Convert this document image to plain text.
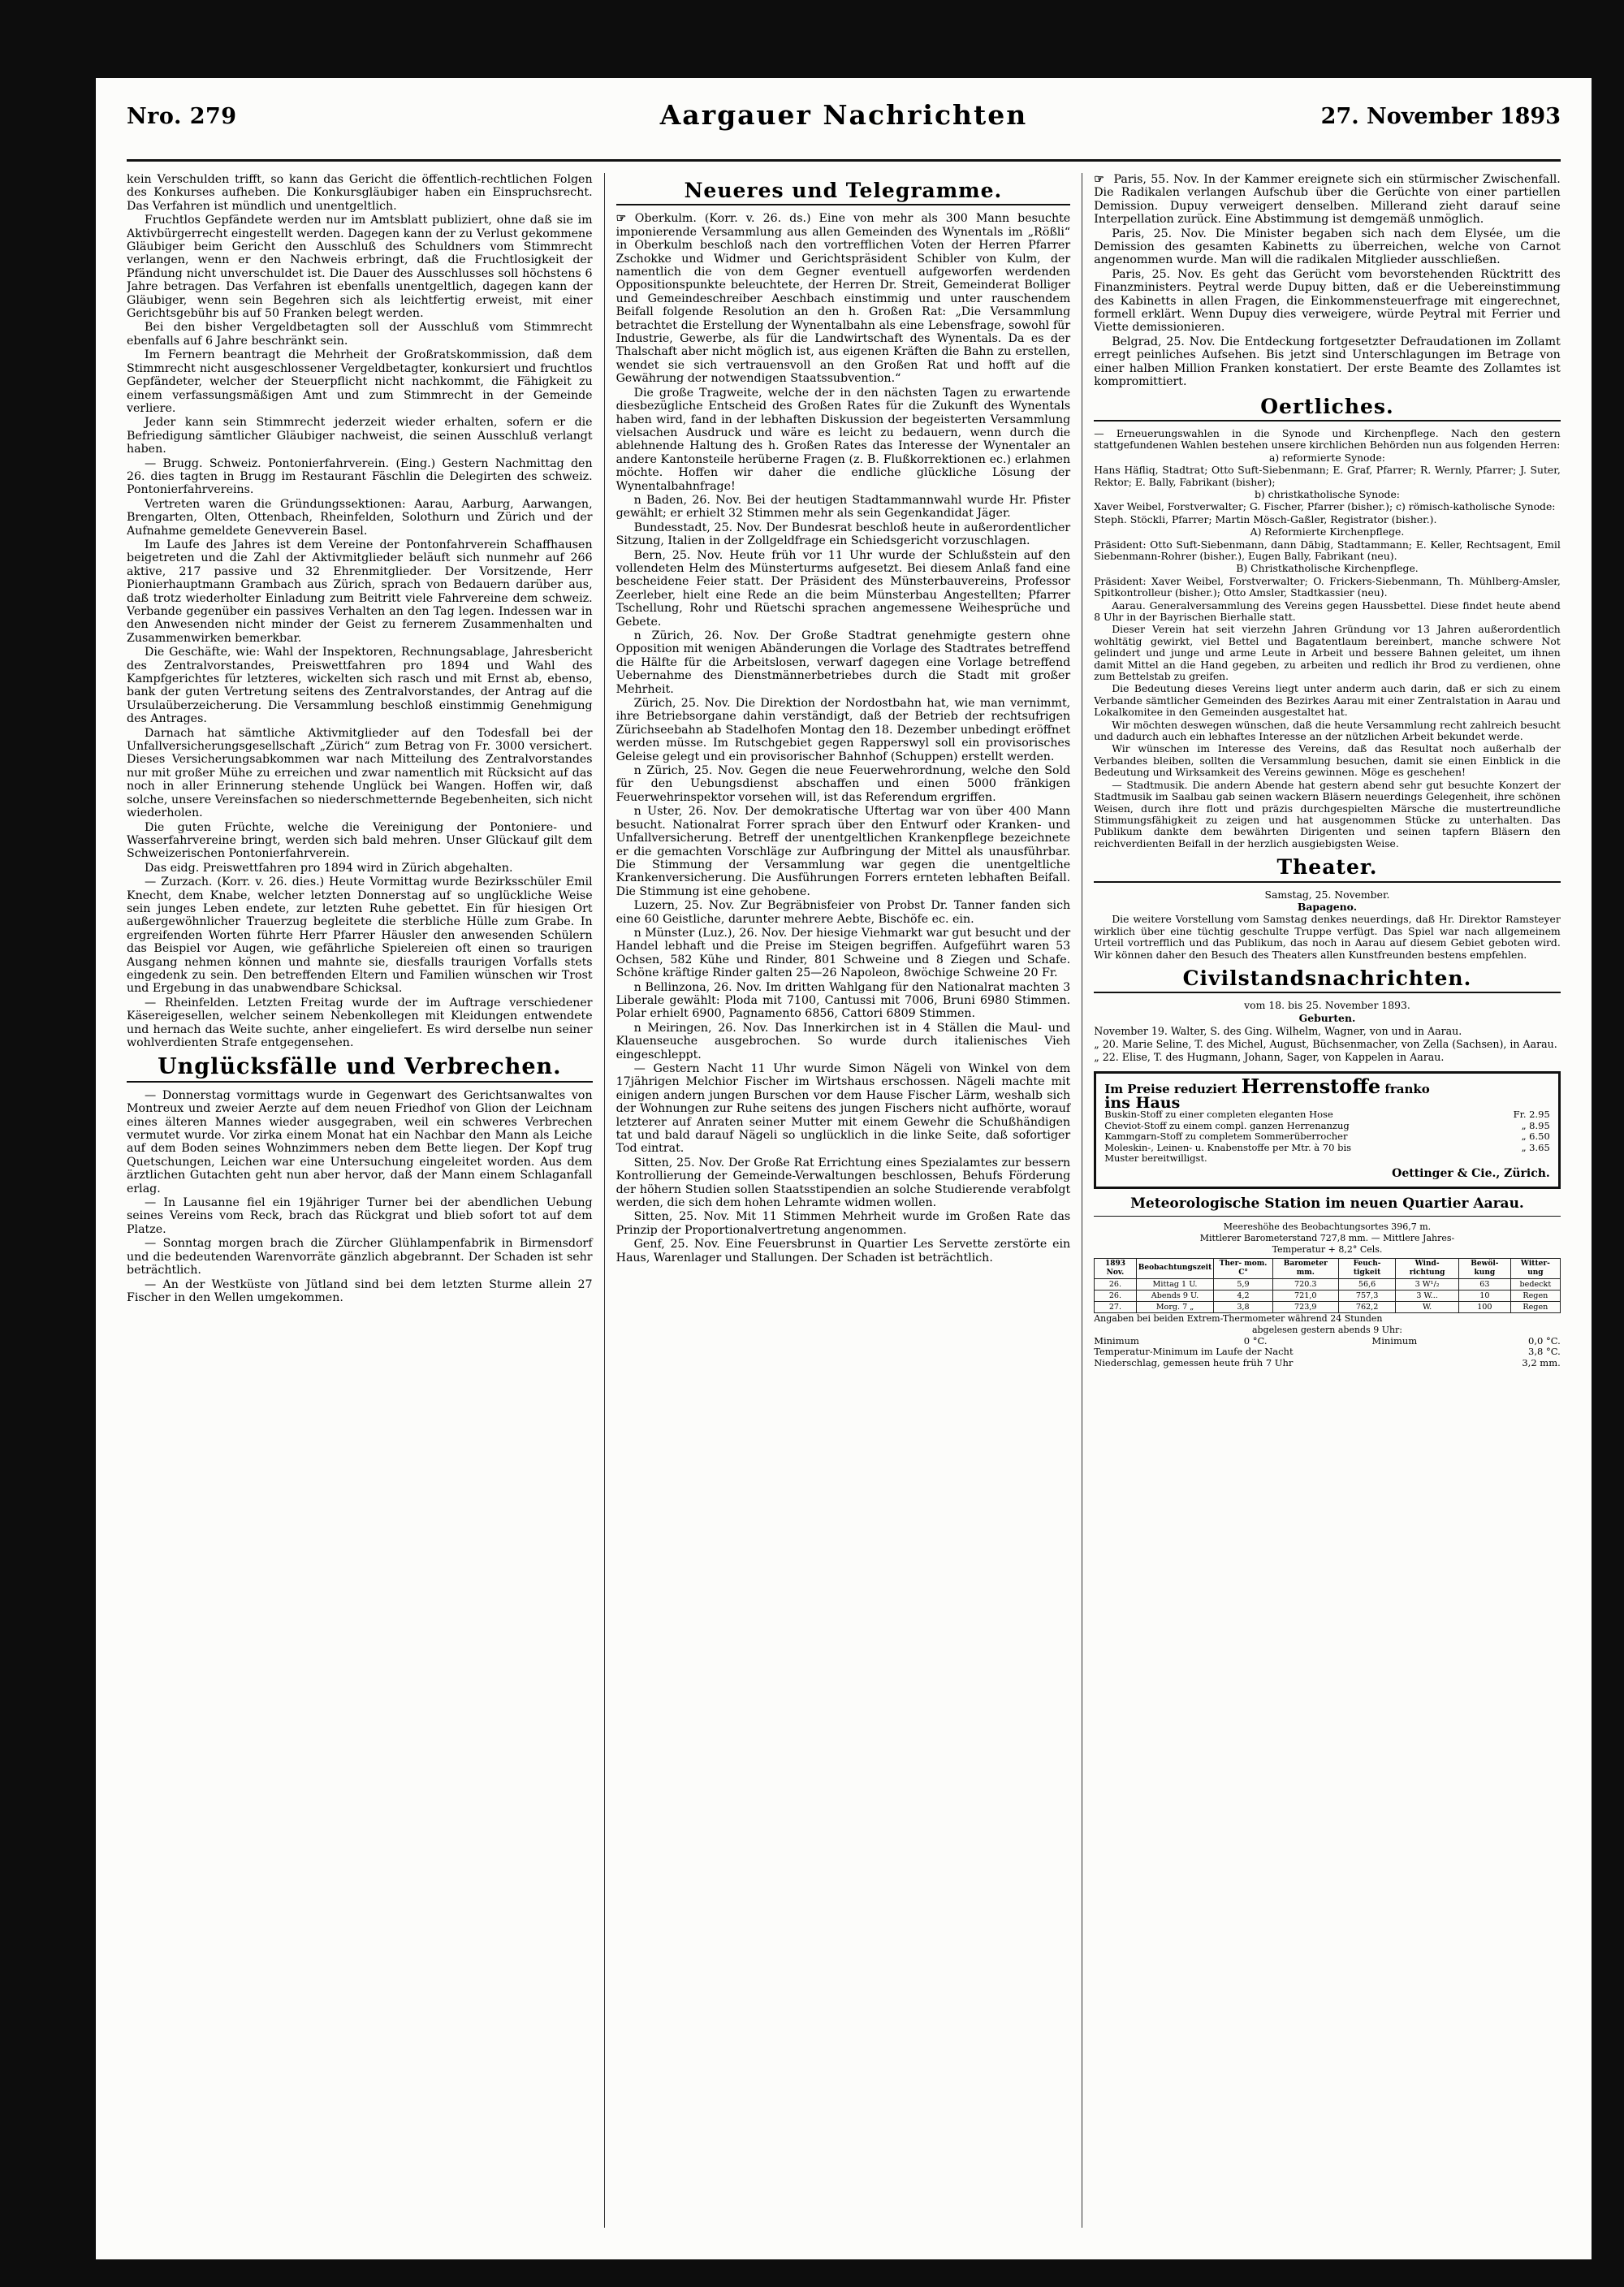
Nro. 279	Aargauer Nachrichten	27. November 1893

kein Verschulden trifft, so kann das Gericht die öffentlich-rechtlichen Folgen des Konkurses aufheben. Die Konkursgläubiger haben ein Einspruchsrecht. Das Verfahren ist mündlich und unentgeltlich.

Fruchtlos Gepfändete werden nur im Amtsblatt publiziert, ohne daß sie im Aktivbürgerrecht eingestellt werden. Dagegen kann der zu Verlust gekommene Gläubiger beim Gericht den Ausschluß des Schuldners vom Stimmrecht verlangen, wenn er den Nachweis erbringt, daß die Fruchtlosigkeit der Pfändung nicht unverschuldet ist. Die Dauer des Ausschlusses soll höchstens 6 Jahre betragen. Das Verfahren ist ebenfalls unentgeltlich, dagegen kann der Gläubiger, wenn sein Begehren sich als leichtfertig erweist, mit einer Gerichtsgebühr bis auf 50 Franken belegt werden.

Bei den bisher Vergeldbetagten soll der Ausschluß vom Stimmrecht ebenfalls auf 6 Jahre beschränkt sein.

Im Fernern beantragt die Mehrheit der Großratskommission, daß dem Stimmrecht nicht ausgeschlossener Vergeldbetagter, konkursiert und fruchtlos Gepfändeter, welcher der Steuerpflicht nicht nachkommt, die Fähigkeit zu einem verfassungsmäßigen Amt und zum Stimmrecht in der Gemeinde verliere.

Jeder kann sein Stimmrecht jederzeit wieder erhalten, sofern er die Befriedigung sämtlicher Gläubiger nachweist, die seinen Ausschluß verlangt haben.

— Brugg. Schweiz. Pontonierfahrverein. (Eing.) Gestern Nachmittag den 26. dies tagten in Brugg im Restaurant Fäschlin die Delegirten des schweiz. Pontonierfahrvereins.

Vertreten waren die Gründungssektionen: Aarau, Aarburg, Aarwangen, Brengarten, Olten, Ottenbach, Rheinfelden, Solothurn und Zürich und der Aufnahme gemeldete Genevverein Basel.

Im Laufe des Jahres ist dem Vereine der Pontonfahrverein Schaffhausen beigetreten und die Zahl der Aktivmitglieder beläuft sich nunmehr auf 266 aktive, 217 passive und 32 Ehrenmitglieder. Der Vorsitzende, Herr Pionierhauptmann Grambach aus Zürich, sprach von Bedauern darüber aus, daß trotz wiederholter Einladung zum Beitritt viele Fahrvereine dem schweiz. Verbande gegenüber ein passives Verhalten an den Tag legen. Indessen war in den Anwesenden nicht minder der Geist zu fernerem Zusammenhalten und Zusammenwirken bemerkbar.

Die Geschäfte, wie: Wahl der Inspektoren, Rechnungsablage, Jahresbericht des Zentralvorstandes, Preiswettfahren pro 1894 und Wahl des Kampfgerichtes für letzteres, wickelten sich rasch und mit Ernst ab, ebenso, bank der guten Vertretung seitens des Zentralvorstandes, der Antrag auf die Ursulaüberzeicherung. Die Versammlung beschloß einstimmig Genehmigung des Antrages.

Darnach hat sämtliche Aktivmitglieder auf den Todesfall bei der Unfallversicherungsgesellschaft „Zürich“ zum Betrag von Fr. 3000 versichert. Dieses Versicherungsabkommen war nach Mitteilung des Zentralvorstandes nur mit großer Mühe zu erreichen und zwar namentlich mit Rücksicht auf das noch in aller Erinnerung stehende Unglück bei Wangen. Hoffen wir, daß solche, unsere Vereinsfachen so niederschmetternde Begebenheiten, sich nicht wiederholen.

Die guten Früchte, welche die Vereinigung der Pontoniere- und Wasserfahrvereine bringt, werden sich bald mehren. Unser Glückauf gilt dem Schweizerischen Pontonierfahrverein.

Das eidg. Preiswettfahren pro 1894 wird in Zürich abgehalten.

— Zurzach. (Korr. v. 26. dies.) Heute Vormittag wurde Bezirksschüler Emil Knecht, dem Knabe, welcher letzten Donnerstag auf so unglückliche Weise sein junges Leben endete, zur letzten Ruhe gebettet. Ein für hiesigen Ort außergewöhnlicher Trauerzug begleitete die sterbliche Hülle zum Grabe. In ergreifenden Worten führte Herr Pfarrer Häusler den anwesenden Schülern das Beispiel vor Augen, wie gefährliche Spielereien oft einen so traurigen Ausgang nehmen können und mahnte sie, diesfalls traurigen Vorfalls stets eingedenk zu sein. Den betreffenden Eltern und Familien wünschen wir Trost und Ergebung in das unabwendbare Schicksal.

— Rheinfelden. Letzten Freitag wurde der im Auftrage verschiedener Käsereigesellen, welcher seinem Nebenkollegen mit Kleidungen entwendete und hernach das Weite suchte, anher eingeliefert. Es wird derselbe nun seiner wohlverdienten Strafe entgegensehen.

Unglücksfälle und Verbrechen.

— Donnerstag vormittags wurde in Gegenwart des Gerichtsanwaltes von Montreux und zweier Aerzte auf dem neuen Friedhof von Glion der Leichnam eines älteren Mannes wieder ausgegraben, weil ein schweres Verbrechen vermutet wurde. Vor zirka einem Monat hat ein Nachbar den Mann als Leiche auf dem Boden seines Wohnzimmers neben dem Bette liegen. Der Kopf trug Quetschungen, Leichen war eine Untersuchung eingeleitet worden. Aus dem ärztlichen Gutachten geht nun aber hervor, daß der Mann einem Schlaganfall erlag.

— In Lausanne fiel ein 19jähriger Turner bei der abendlichen Uebung seines Vereins vom Reck, brach das Rückgrat und blieb sofort tot auf dem Platze.

— Sonntag morgen brach die Zürcher Glühlampenfabrik in Birmensdorf und die bedeutenden Warenvorräte gänzlich abgebrannt. Der Schaden ist sehr beträchtlich.

— An der Westküste von Jütland sind bei dem letzten Sturme allein 27 Fischer in den Wellen umgekommen.

Neueres und Telegramme.

☞ Oberkulm. (Korr. v. 26. ds.) Eine von mehr als 300 Mann besuchte imponierende Versammlung aus allen Gemeinden des Wynentals im „Rößli“ in Oberkulm beschloß nach den vortrefflichen Voten der Herren Pfarrer Zschokke und Widmer und Gerichtspräsident Schibler von Kulm, der namentlich die von dem Gegner eventuell aufgeworfen werdenden Oppositionspunkte beleuchtete, der Herren Dr. Streit, Gemeinderat Bolliger und Gemeindeschreiber Aeschbach einstimmig und unter rauschendem Beifall folgende Resolution an den h. Großen Rat: „Die Versammlung betrachtet die Erstellung der Wynentalbahn als eine Lebensfrage, sowohl für Industrie, Gewerbe, als für die Landwirtschaft des Wynentals. Da es der Thalschaft aber nicht möglich ist, aus eigenen Kräften die Bahn zu erstellen, wendet sie sich vertrauensvoll an den Großen Rat und hofft auf die Gewährung der notwendigen Staatssubvention.“

Die große Tragweite, welche der in den nächsten Tagen zu erwartende diesbezügliche Entscheid des Großen Rates für die Zukunft des Wynentals haben wird, fand in der lebhaften Diskussion der begeisterten Versammlung vielsachen Ausdruck und wäre es leicht zu bedauern, wenn durch die ablehnende Haltung des h. Großen Rates das Interesse der Wynentaler an andere Kantonsteile herüberne Fragen (z. B. Flußkorrektionen ec.) erlahmen möchte. Hoffen wir daher die endliche glückliche Lösung der Wynentalbahnfrage!

n Baden, 26. Nov. Bei der heutigen Stadtammannwahl wurde Hr. Pfister gewählt; er erhielt 32 Stimmen mehr als sein Gegenkandidat Jäger.

Bundesstadt, 25. Nov. Der Bundesrat beschloß heute in außerordentlicher Sitzung, Italien in der Zollgeldfrage ein Schiedsgericht vorzuschlagen.

Bern, 25. Nov. Heute früh vor 11 Uhr wurde der Schlußstein auf den vollendeten Helm des Münsterturms aufgesetzt. Bei diesem Anlaß fand eine bescheidene Feier statt. Der Präsident des Münsterbauvereins, Professor Zeerleber, hielt eine Rede an die beim Münsterbau Angestellten; Pfarrer Tschellung, Rohr und Rüetschi sprachen angemessene Weihesprüche und Gebete.

n Zürich, 26. Nov. Der Große Stadtrat genehmigte gestern ohne Opposition mit wenigen Abänderungen die Vorlage des Stadtrates betreffend die Hälfte für die Arbeitslosen, verwarf dagegen eine Vorlage betreffend Uebernahme des Dienstmännerbetriebes durch die Stadt mit großer Mehrheit.

Zürich, 25. Nov. Die Direktion der Nordostbahn hat, wie man vernimmt, ihre Betriebsorgane dahin verständigt, daß der Betrieb der rechtsufrigen Zürichseebahn ab Stadelhofen Montag den 18. Dezember unbedingt eröffnet werden müsse. Im Rutschgebiet gegen Rapperswyl soll ein provisorisches Geleise gelegt und ein provisorischer Bahnhof (Schuppen) erstellt werden.

n Zürich, 25. Nov. Gegen die neue Feuerwehrordnung, welche den Sold für den Uebungsdienst abschaffen und einen 5000 fränkigen Feuerwehrinspektor vorsehen will, ist das Referendum ergriffen.

n Uster, 26. Nov. Der demokratische Uftertag war von über 400 Mann besucht. Nationalrat Forrer sprach über den Entwurf oder Kranken- und Unfallversicherung. Betreff der unentgeltlichen Krankenpflege bezeichnete er die gemachten Vorschläge zur Aufbringung der Mittel als unausführbar. Die Stimmung der Versammlung war gegen die unentgeltliche Krankenversicherung. Die Ausführungen Forrers ernteten lebhaften Beifall. Die Stimmung ist eine gehobene.

Luzern, 25. Nov. Zur Begräbnisfeier von Probst Dr. Tanner fanden sich eine 60 Geistliche, darunter mehrere Aebte, Bischöfe ec. ein.

n Münster (Luz.), 26. Nov. Der hiesige Viehmarkt war gut besucht und der Handel lebhaft und die Preise im Steigen begriffen. Aufgeführt waren 53 Ochsen, 582 Kühe und Rinder, 801 Schweine und 8 Ziegen und Schafe. Schöne kräftige Rinder galten 25—26 Napoleon, 8wöchige Schweine 20 Fr.

n Bellinzona, 26. Nov. Im dritten Wahlgang für den Nationalrat machten 3 Liberale gewählt: Ploda mit 7100, Cantussi mit 7006, Bruni 6980 Stimmen. Polar erhielt 6900, Pagnamento 6856, Cattori 6809 Stimmen.

n Meiringen, 26. Nov. Das Innerkirchen ist in 4 Ställen die Maul- und Klauenseuche ausgebrochen. So wurde durch italienisches Vieh eingeschleppt.

— Gestern Nacht 11 Uhr wurde Simon Nägeli von Winkel von dem 17jährigen Melchior Fischer im Wirtshaus erschossen. Nägeli machte mit einigen andern jungen Burschen vor dem Hause Fischer Lärm, weshalb sich der Wohnungen zur Ruhe seitens des jungen Fischers nicht aufhörte, worauf letzterer auf Anraten seiner Mutter mit einem Gewehr die Schußhändigen tat und bald darauf Nägeli so unglücklich in die linke Seite, daß sofortiger Tod eintrat.

Sitten, 25. Nov. Der Große Rat Errichtung eines Spezialamtes zur bessern Kontrollierung der Gemeinde-Verwaltungen beschlossen, Behufs Förderung der höhern Studien sollen Staatsstipendien an solche Studierende verabfolgt werden, die sich dem hohen Lehramte widmen wollen.

Sitten, 25. Nov. Mit 11 Stimmen Mehrheit wurde im Großen Rate das Prinzip der Proportionalvertretung angenommen.

Genf, 25. Nov. Eine Feuersbrunst in Quartier Les Servette zerstörte ein Haus, Warenlager und Stallungen. Der Schaden ist beträchtlich.

☞  Paris, 55. Nov. In der Kammer ereignete sich ein stürmischer Zwischenfall. Die Radikalen verlangen Aufschub über die Gerüchte von einer partiellen Demission. Dupuy verweigert denselben. Millerand zieht darauf seine Interpellation zurück. Eine Abstimmung ist demgemäß unmöglich.

Paris, 25. Nov. Die Minister begaben sich nach dem Elysée, um die Demission des gesamten Kabinetts zu überreichen, welche von Carnot angenommen wurde. Man will die radikalen Mitglieder ausschließen.

Paris, 25. Nov. Es geht das Gerücht vom bevorstehenden Rücktritt des Finanzministers. Peytral werde Dupuy bitten, daß er die Uebereinstimmung des Kabinetts in allen Fragen, die Einkommensteuerfrage mit eingerechnet, formell erklärt. Wenn Dupuy dies verweigere, würde Peytral mit Ferrier und Viette demissionieren.

Belgrad, 25. Nov. Die Entdeckung fortgesetzter Defraudationen im Zollamt erregt peinliches Aufsehen. Bis jetzt sind Unterschlagungen im Betrage von einer halben Million Franken konstatiert. Der erste Beamte des Zollamtes ist kompromittiert.

Oertliches.

— Erneuerungswahlen in die Synode und Kirchenpflege. Nach den gestern stattgefundenen Wahlen bestehen unsere kirchlichen Behörden nun aus folgenden Herren:

a) reformierte Synode:

Hans Häfliq, Stadtrat; Otto Suft-Siebenmann; E. Graf, Pfarrer; R. Wernly, Pfarrer; J. Suter, Rektor; E. Bally, Fabrikant (bisher);

b) christkatholische Synode:

Xaver Weibel, Forstverwalter; G. Fischer, Pfarrer (bisher.); c) römisch-katholische Synode:

Steph. Stöckli, Pfarrer; Martin Mösch-Gaßler, Registrator (bisher.).

A) Reformierte Kirchenpflege.

Präsident: Otto Suft-Siebenmann, dann Däbig, Stadtammann; E. Keller, Rechtsagent, Emil Siebenmann-Rohrer (bisher.), Eugen Bally, Fabrikant (neu).

B) Christkatholische Kirchenpflege.

Präsident: Xaver Weibel, Forstverwalter; O. Frickers-Siebenmann, Th. Mühlberg-Amsler, Spitkontrolleur (bisher.); Otto Amsler, Stadtkassier (neu).

Aarau. Generalversammlung des Vereins gegen Haussbettel. Diese findet heute abend 8 Uhr in der Bayrischen Bierhalle statt.

Dieser Verein hat seit vierzehn Jahren Gründung vor 13 Jahren außerordentlich wohltätig gewirkt, viel Bettel und Bagatentlaum bereinbert, manche schwere Not gelindert und junge und arme Leute in Arbeit und bessere Bahnen geleitet, um ihnen damit Mittel an die Hand gegeben, zu arbeiten und redlich ihr Brod zu verdienen, ohne zum Bettelstab zu greifen.

Die Bedeutung dieses Vereins liegt unter anderm auch darin, daß er sich zu einem Verbande sämtlicher Gemeinden des Bezirkes Aarau mit einer Zentralstation in Aarau und Lokalkomitee in den Gemeinden ausgestaltet hat.

Wir möchten deswegen wünschen, daß die heute Versammlung recht zahlreich besucht und dadurch auch ein lebhaftes Interesse an der nützlichen Arbeit bekundet werde.

Wir wünschen im Interesse des Vereins, daß das Resultat noch außerhalb der Verbandes bleiben, sollten die Versammlung besuchen, damit sie einen Einblick in die Bedeutung und Wirksamkeit des Vereins gewinnen. Möge es geschehen!

— Stadtmusik. Die andern Abende hat gestern abend sehr gut besuchte Konzert der Stadtmusik im Saalbau gab seinen wackern Bläsern neuerdings Gelegenheit, ihre schönen Weisen, durch ihre flott und präzis durchgespielten Märsche die mustertreundliche Stimmungsfähigkeit zu zeigen und hat ausgenommen Stücke zu unterhalten. Das Publikum dankte dem bewährten Dirigenten und seinen tapfern Bläsern den reichverdienten Beifall in der herzlich ausgiebigsten Weise.

Theater.

Samstag, 25. November.

Bapageno.

Die weitere Vorstellung vom Samstag denkes neuerdings, daß Hr. Direktor Ramsteyer wirklich über eine tüchtig geschulte Truppe verfügt. Das Spiel war nach allgemeinem Urteil vortrefflich und das Publikum, das noch in Aarau auf diesem Gebiet geboten wird. Wir können daher den Besuch des Theaters allen Kunstfreunden bestens empfehlen.

Civilstandsnachrichten.

vom 18. bis 25. November 1893.

Geburten.

November 19. Walter, S. des Ging. Wilhelm, Wagner, von und in Aarau.

„ 20. Marie Seline, T. des Michel, August, Büchsenmacher, von Zella (Sachsen), in Aarau.

„ 22. Elise, T. des Hugmann, Johann, Sager, von Kappelen in Aarau.

Im Preise reduziert Herrenstoffe franko
ins Haus
Buskin-Stoff zu einer completen eleganten Hose	Fr. 2.95
Cheviot-Stoff zu einem compl. ganzen Herrenanzug	„ 8.95
Kammgarn-Stoff zu completem Sommerüberrocher	„ 6.50
Moleskin-, Leinen- u. Knabenstoffe per Mtr. à 70 bis	„ 3.65
Muster bereitwilligst.
Oettinger & Cie., Zürich.
Meteorologische Station im neuen Quartier Aarau.

Meereshöhe des Beobachtungsortes 396,7 m.

Mittlerer Barometerstand 727,8 mm. — Mittlere Jahres-

Temperatur + 8,2° Cels.

1893 Nov.	Beobachtungszeit	Ther- mom. C°	Barometer mm.	Feuch- tigkeit	Wind- richtung	Bewöl- kung	Witter- ung
26.	Mittag 1 U.	5,9	720.3	56,6	3 W¹/₂	63	bedeckt
26.	Abends 9 U.	4,2	721,0	757,3	3 W...	10	Regen
27.	Morg. 7 „	3,8	723,9	762,2	W.	100	Regen

Angaben bei beiden Extrem-Thermometer während 24 Stunden

abgelesen gestern abends 9 Uhr:

Minimum	0 °C.	Minimum	0,0 °C.
Temperatur-Minimum im Laufe der Nacht	3,8 °C.
Niederschlag, gemessen heute früh 7 Uhr	3,2 mm.
